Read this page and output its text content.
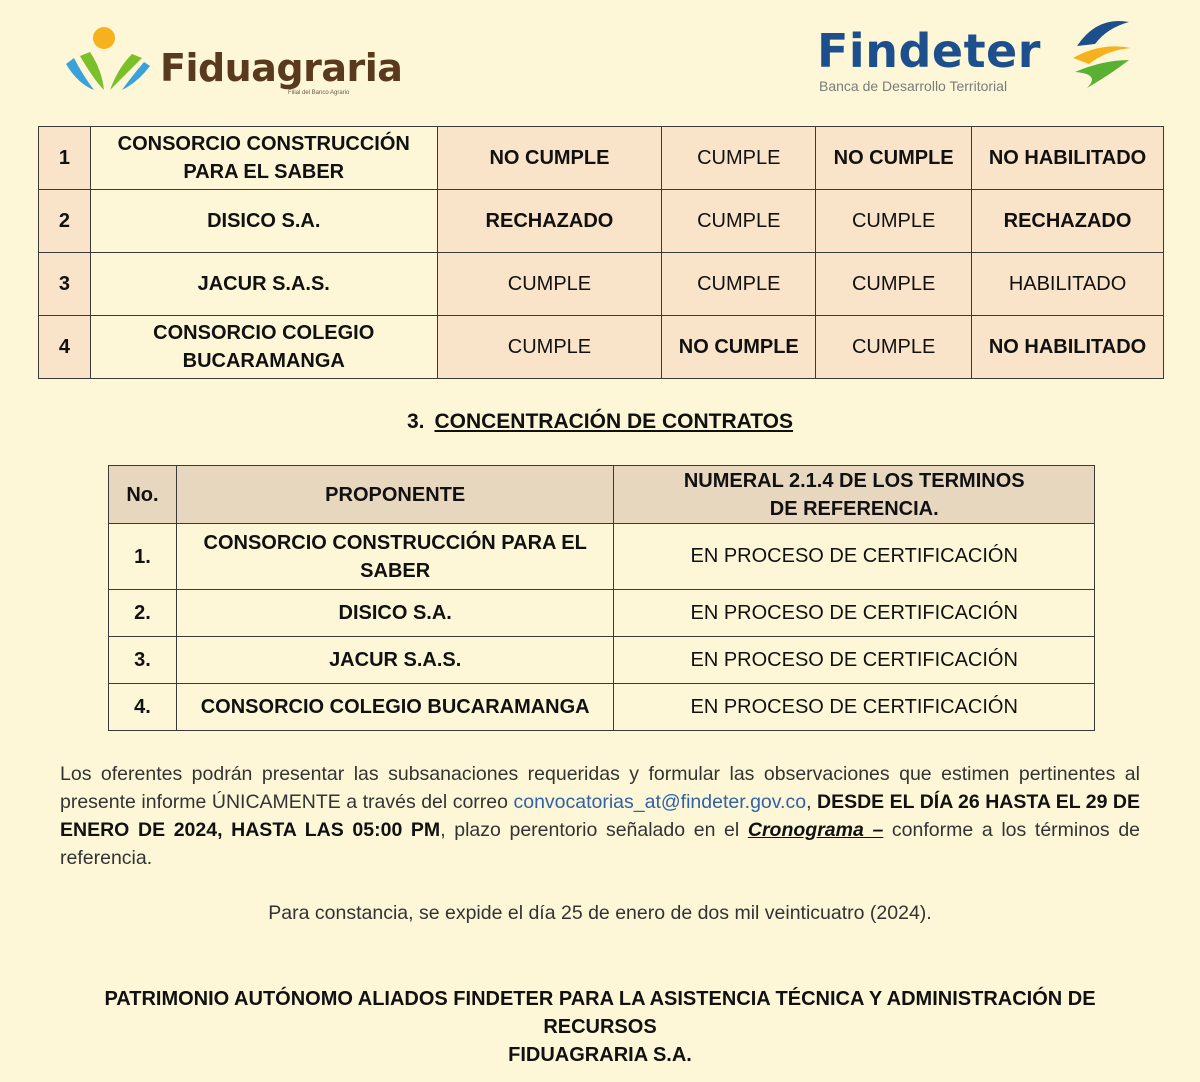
Fiduagraria
Filial del Banco Agrario
Findeter
Banca de Desarrollo Territorial
1	CONSORCIO CONSTRUCCIÓN PARA EL SABER	NO CUMPLE	CUMPLE	NO CUMPLE	NO HABILITADO
2	DISICO S.A.	RECHAZADO	CUMPLE	CUMPLE	RECHAZADO
3	JACUR S.A.S.	CUMPLE	CUMPLE	CUMPLE	HABILITADO
4	CONSORCIO COLEGIO BUCARAMANGA	CUMPLE	NO CUMPLE	CUMPLE	NO HABILITADO
3. CONCENTRACIÓN DE CONTRATOS
No.	PROPONENTE	NUMERAL 2.1.4 DE LOS TERMINOS DE REFERENCIA.
1.	CONSORCIO CONSTRUCCIÓN PARA EL SABER	EN PROCESO DE CERTIFICACIÓN
2.	DISICO S.A.	EN PROCESO DE CERTIFICACIÓN
3.	JACUR S.A.S.	EN PROCESO DE CERTIFICACIÓN
4.	CONSORCIO COLEGIO BUCARAMANGA	EN PROCESO DE CERTIFICACIÓN
Los oferentes podrán presentar las subsanaciones requeridas y formular las observaciones que estimen pertinentes al presente informe ÚNICAMENTE a través del correo convocatorias_at@findeter.gov.co, DESDE EL DÍA 26 HASTA EL 29 DE ENERO DE 2024, HASTA LAS 05:00 PM, plazo perentorio señalado en el Cronograma – conforme a los términos de referencia.
Para constancia, se expide el día 25 de enero de dos mil veinticuatro (2024).
PATRIMONIO AUTÓNOMO ALIADOS FINDETER PARA LA ASISTENCIA TÉCNICA Y ADMINISTRACIÓN DE RECURSOS
FIDUAGRARIA S.A.
